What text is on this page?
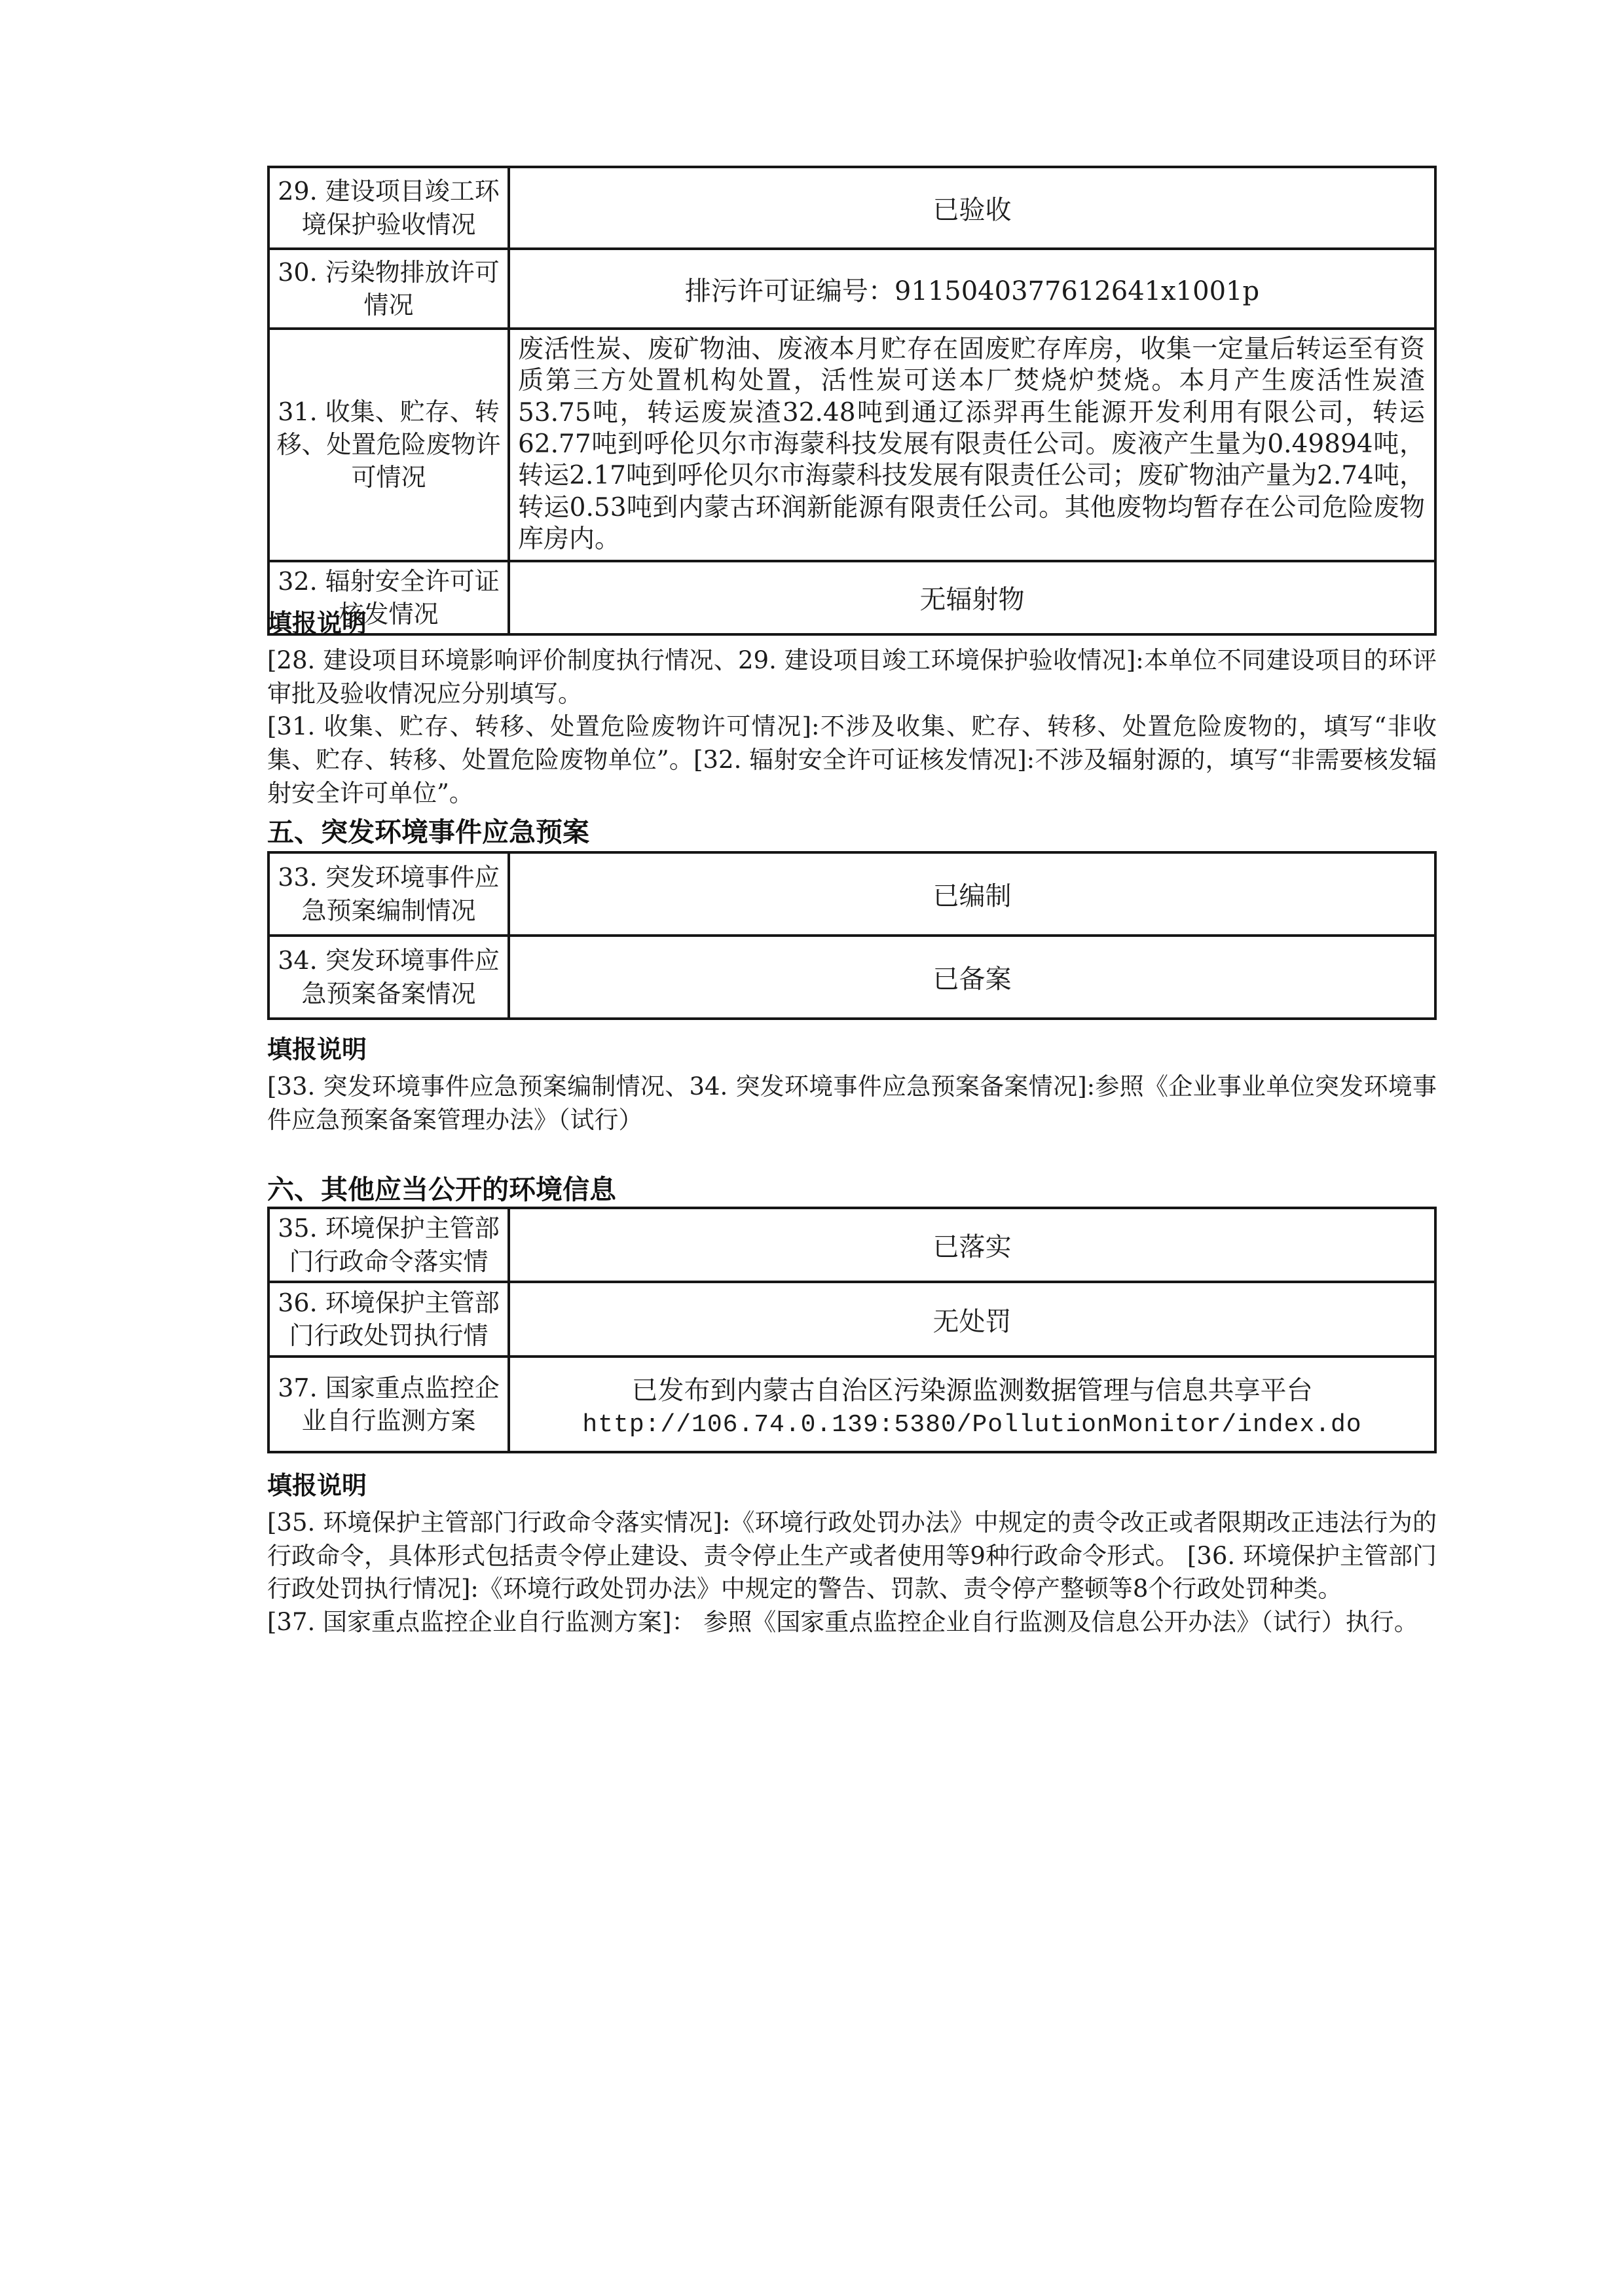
29. 建设项目竣工环境保护验收情况	已验收
30. 污染物排放许可情况	排污许可证编号：9115040377612641x1001p
31. 收集、贮存、转移、处置危险废物许可情况	废活性炭、废矿物油、废液本月贮存在固废贮存库房，收集一定量后转运至有资质第三方处置机构处置，活性炭可送本厂焚烧炉焚烧。本月产生废活性炭渣53.75吨，转运废炭渣32.48吨到通辽添羿再生能源开发利用有限公司，转运62.77吨到呼伦贝尔市海蒙科技发展有限责任公司。废液产生量为0.49894吨，转运2.17吨到呼伦贝尔市海蒙科技发展有限责任公司；废矿物油产量为2.74吨，转运0.53吨到内蒙古环润新能源有限责任公司。其他废物均暂存在公司危险废物库房内。
32. 辐射安全许可证核发情况	无辐射物
填报说明

[28. 建设项目环境影响评价制度执行情况、29. 建设项目竣工环境保护验收情况]:本单位不同建设项目的环评审批及验收情况应分别填写。

[31. 收集、贮存、转移、处置危险废物许可情况]:不涉及收集、贮存、转移、处置危险废物的，填写“非收集、贮存、转移、处置危险废物单位”。[32. 辐射安全许可证核发情况]:不涉及辐射源的，填写“非需要核发辐射安全许可单位”。

五、突发环境事件应急预案
33. 突发环境事件应急预案编制情况	已编制
34. 突发环境事件应急预案备案情况	已备案
填报说明

[33. 突发环境事件应急预案编制情况、34. 突发环境事件应急预案备案情况]:参照《企业事业单位突发环境事件应急预案备案管理办法》（试行）

六、其他应当公开的环境信息
35. 环境保护主管部门行政命令落实情	已落实
36. 环境保护主管部门行政处罚执行情	无处罚
37. 国家重点监控企业自行监测方案	已发布到内蒙古自治区污染源监测数据管理与信息共享平台
http://106.74.0.139:5380/PollutionMonitor/index.do
填报说明

[35. 环境保护主管部门行政命令落实情况]:《环境行政处罚办法》中规定的责令改正或者限期改正违法行为的行政命令，具体形式包括责令停止建设、责令停止生产或者使用等9种行政命令形式。 [36. 环境保护主管部门行政处罚执行情况]:《环境行政处罚办法》中规定的警告、罚款、责令停产整顿等8个行政处罚种类。

[37. 国家重点监控企业自行监测方案]： 参照《国家重点监控企业自行监测及信息公开办法》（试行）执行。
